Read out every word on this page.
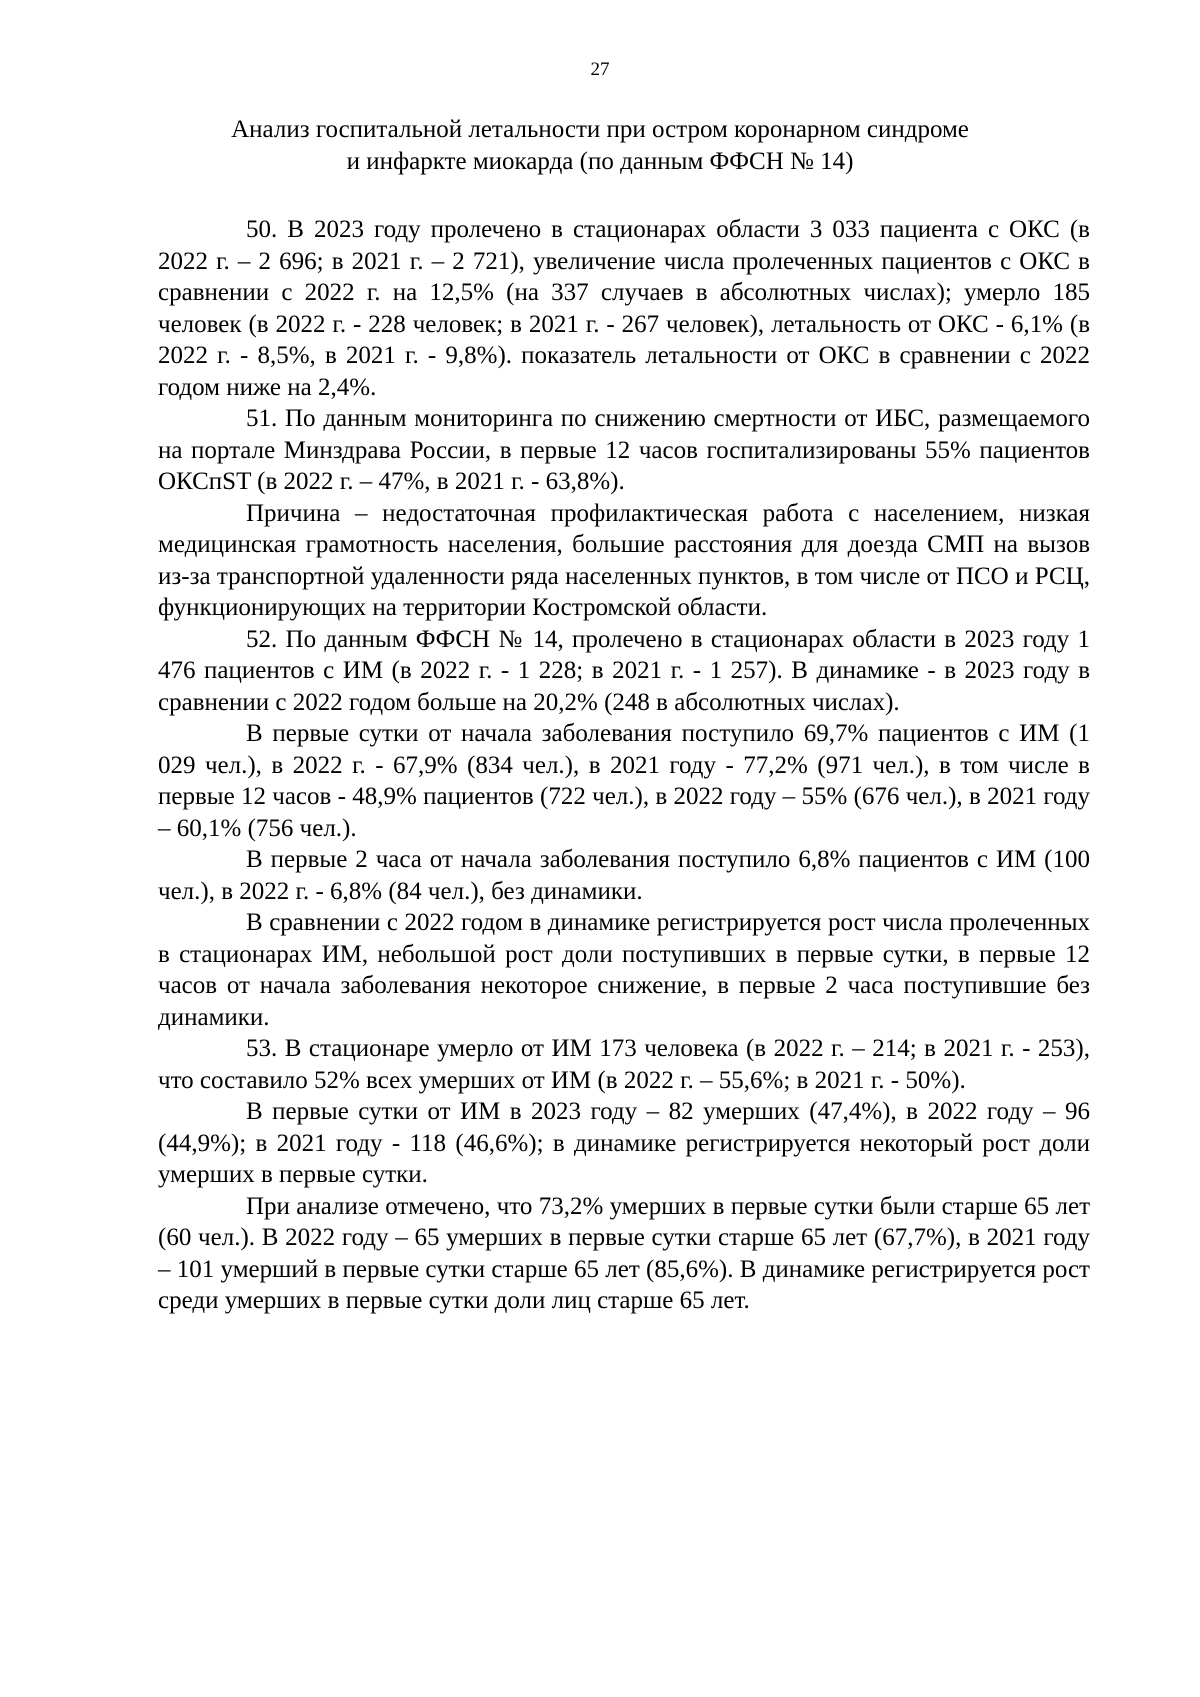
27
Анализ госпитальной летальности при остром коронарном синдроме
и инфаркте миокарда (по данным ФФСН № 14)

50. В 2023 году пролечено в стационарах области 3 033 пациента с ОКС (в 2022 г. – 2 696; в 2021 г. – 2 721), увеличение числа пролеченных пациентов с ОКС в сравнении с 2022 г. на 12,5% (на 337 случаев в абсолютных числах); умерло 185 человек (в 2022 г. - 228 человек; в 2021 г. - 267 человек), летальность от ОКС - 6,1% (в 2022 г. - 8,5%, в 2021 г. - 9,8%). показатель летальности от ОКС в сравнении с 2022 годом ниже на 2,4%.

51. По данным мониторинга по снижению смертности от ИБС, размещаемого на портале Минздрава России, в первые 12 часов госпитализированы 55% пациентов ОКСпST (в 2022 г. – 47%, в 2021 г. - 63,8%).

Причина – недостаточная профилактическая работа с населением, низкая медицинская грамотность населения, большие расстояния для доезда СМП на вызов из-за транспортной удаленности ряда населенных пунктов, в том числе от ПСО и РСЦ, функционирующих на территории Костромской области.

52. По данным ФФСН № 14, пролечено в стационарах области в 2023 году 1 476 пациентов с ИМ (в 2022 г. - 1 228; в 2021 г. - 1 257). В динамике - в 2023 году в сравнении с 2022 годом больше на 20,2% (248 в абсолютных числах).

В первые сутки от начала заболевания поступило 69,7% пациентов с ИМ (1 029 чел.), в 2022 г. - 67,9% (834 чел.), в 2021 году - 77,2% (971 чел.), в том числе в первые 12 часов - 48,9% пациентов (722 чел.), в 2022 году – 55% (676 чел.), в 2021 году – 60,1% (756 чел.).

В первые 2 часа от начала заболевания поступило 6,8% пациентов с ИМ (100 чел.), в 2022 г. - 6,8% (84 чел.), без динамики.

В сравнении с 2022 годом в динамике регистрируется рост числа пролеченных в стационарах ИМ, небольшой рост доли поступивших в первые сутки, в первые 12 часов от начала заболевания некоторое снижение, в первые 2 часа поступившие без динамики.

53. В стационаре умерло от ИМ 173 человека (в 2022 г. – 214; в 2021 г. - 253), что составило 52% всех умерших от ИМ (в 2022 г. – 55,6%; в 2021 г. - 50%).

В первые сутки от ИМ в 2023 году – 82 умерших (47,4%), в 2022 году – 96 (44,9%); в 2021 году - 118 (46,6%); в динамике регистрируется некоторый рост доли умерших в первые сутки.

При анализе отмечено, что 73,2% умерших в первые сутки были старше 65 лет (60 чел.). В 2022 году – 65 умерших в первые сутки старше 65 лет (67,7%), в 2021 году – 101 умерший в первые сутки старше 65 лет (85,6%). В динамике регистрируется рост среди умерших в первые сутки доли лиц старше 65 лет.
